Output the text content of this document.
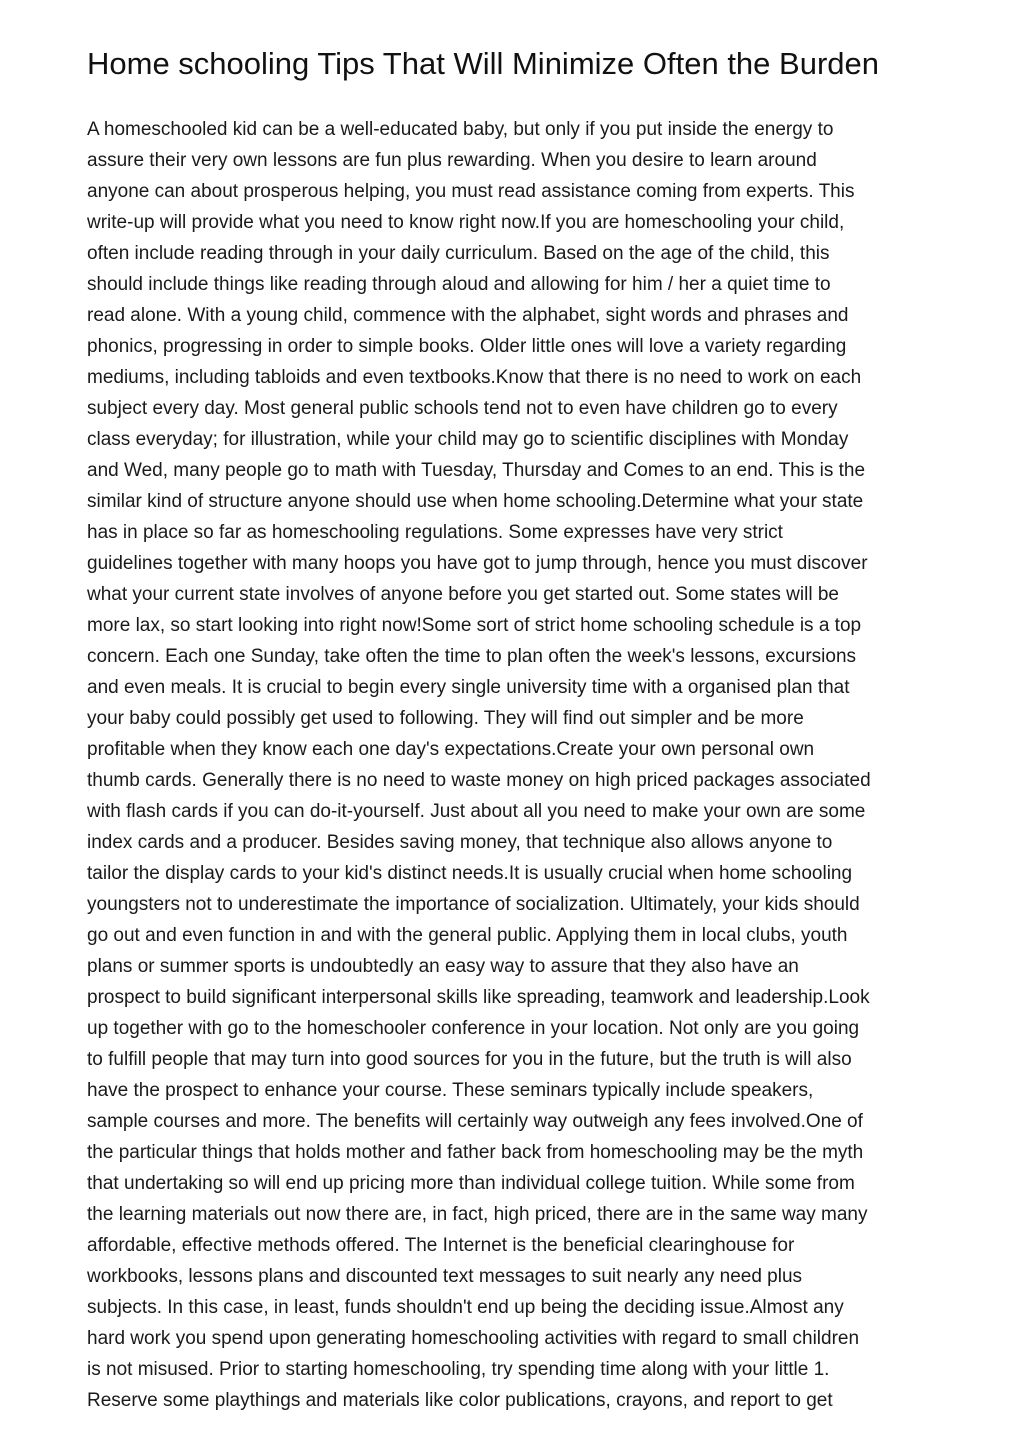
Home schooling Tips That Will Minimize Often the Burden
A homeschooled kid can be a well-educated baby, but only if you put inside the energy to
assure their very own lessons are fun plus rewarding. When you desire to learn around
anyone can about prosperous helping, you must read assistance coming from experts. This
write-up will provide what you need to know right now.If you are homeschooling your child,
often include reading through in your daily curriculum. Based on the age of the child, this
should include things like reading through aloud and allowing for him / her a quiet time to
read alone. With a young child, commence with the alphabet, sight words and phrases and
phonics, progressing in order to simple books. Older little ones will love a variety regarding
mediums, including tabloids and even textbooks.Know that there is no need to work on each
subject every day. Most general public schools tend not to even have children go to every
class everyday; for illustration, while your child may go to scientific disciplines with Monday
and Wed, many people go to math with Tuesday, Thursday and Comes to an end. This is the
similar kind of structure anyone should use when home schooling.Determine what your state
has in place so far as homeschooling regulations. Some expresses have very strict
guidelines together with many hoops you have got to jump through, hence you must discover
what your current state involves of anyone before you get started out. Some states will be
more lax, so start looking into right now!Some sort of strict home schooling schedule is a top
concern. Each one Sunday, take often the time to plan often the week's lessons, excursions
and even meals. It is crucial to begin every single university time with a organised plan that
your baby could possibly get used to following. They will find out simpler and be more
profitable when they know each one day's expectations.Create your own personal own
thumb cards. Generally there is no need to waste money on high priced packages associated
with flash cards if you can do-it-yourself. Just about all you need to make your own are some
index cards and a producer. Besides saving money, that technique also allows anyone to
tailor the display cards to your kid's distinct needs.It is usually crucial when home schooling
youngsters not to underestimate the importance of socialization. Ultimately, your kids should
go out and even function in and with the general public. Applying them in local clubs, youth
plans or summer sports is undoubtedly an easy way to assure that they also have an
prospect to build significant interpersonal skills like spreading, teamwork and leadership.Look
up together with go to the homeschooler conference in your location. Not only are you going
to fulfill people that may turn into good sources for you in the future, but the truth is will also
have the prospect to enhance your course. These seminars typically include speakers,
sample courses and more. The benefits will certainly way outweigh any fees involved.One of
the particular things that holds mother and father back from homeschooling may be the myth
that undertaking so will end up pricing more than individual college tuition. While some from
the learning materials out now there are, in fact, high priced, there are in the same way many
affordable, effective methods offered. The Internet is the beneficial clearinghouse for
workbooks, lessons plans and discounted text messages to suit nearly any need plus
subjects. In this case, in least, funds shouldn't end up being the deciding issue.Almost any
hard work you spend upon generating homeschooling activities with regard to small children
is not misused. Prior to starting homeschooling, try spending time along with your little 1.
Reserve some playthings and materials like color publications, crayons, and report to get
